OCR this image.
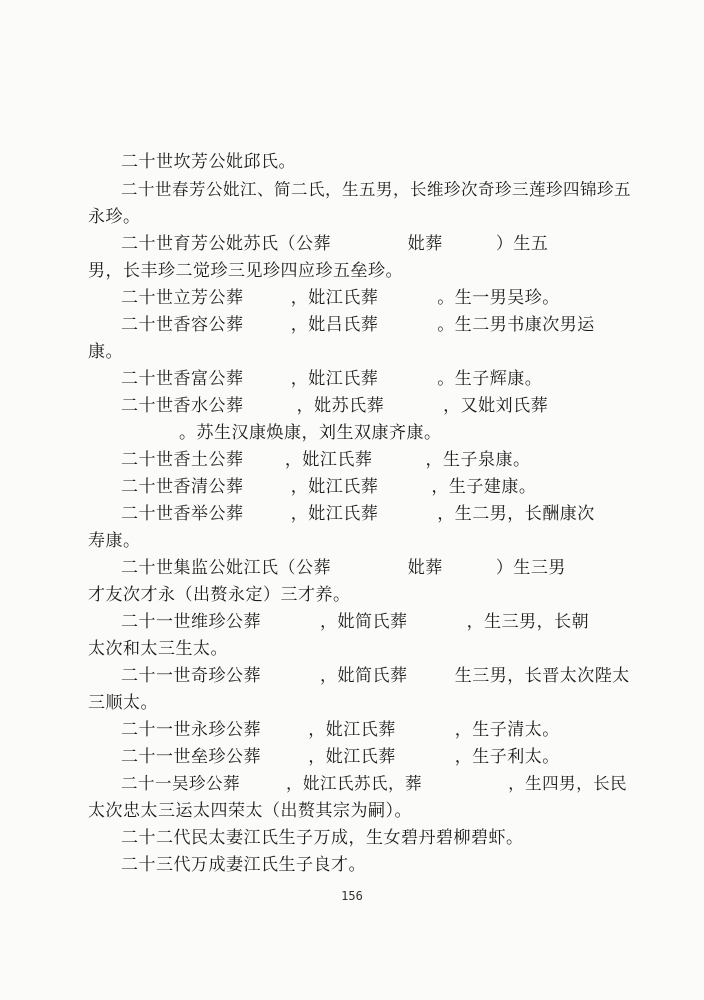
二十世坎芳公妣邱氏。
二十世春芳公妣江、简二氏，生五男，长维珍次奇珍三莲珍四锦珍五
永珍。
二十世育芳公妣苏氏（公葬             妣葬         ）生五
男，长丰珍二觉珍三见珍四应珍五垒珍。
二十世立芳公葬        ，妣江氏葬          。生一男吴珍。
二十世香容公葬        ，妣吕氏葬          。生二男书康次男运
康。
二十世香富公葬        ，妣江氏葬          。生子辉康。
二十世香水公葬         ，妣苏氏葬          ，又妣刘氏葬
。苏生汉康焕康，刘生双康齐康。
二十世香土公葬       ，妣江氏葬         ，生子泉康。
二十世香清公葬        ，妣江氏葬         ，生子建康。
二十世香举公葬        ，妣江氏葬          ，生二男，长酬康次
寿康。
二十世集监公妣江氏（公葬             妣葬         ）生三男
才友次才永（出赘永定）三才养。
二十一世维珍公葬          ，妣简氏葬          ，生三男，长朝
太次和太三生太。
二十一世奇珍公葬          ，妣简氏葬        生三男，长晋太次陛太
三顺太。
二十一世永珍公葬        ，妣江氏葬          ，生子清太。
二十一世垒珍公葬        ，妣江氏葬          ，生子利太。
二十一吴珍公葬        ，妣江氏苏氏，葬               ，生四男，长民
太次忠太三运太四荣太（出赘其宗为嗣）。
二十二代民太妻江氏生子万成，生女碧丹碧柳碧虾。
二十三代万成妻江氏生子良才。
156
